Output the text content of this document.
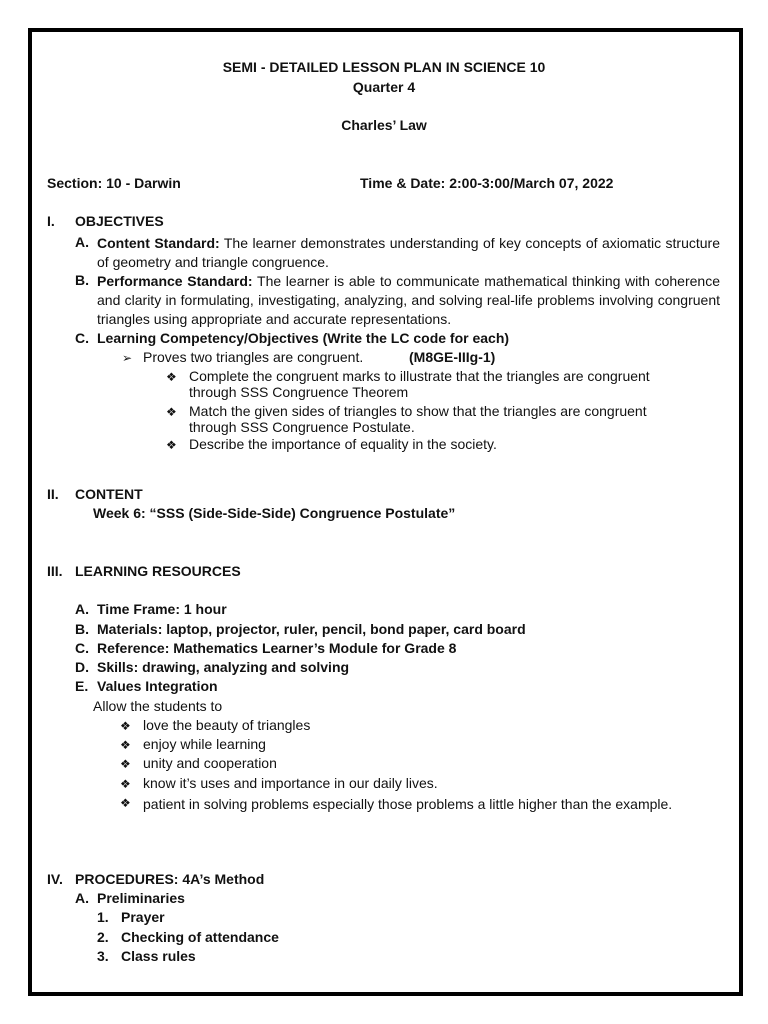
SEMI - DETAILED LESSON PLAN IN SCIENCE 10
Quarter 4
Charles’ Law
Section: 10 - Darwin	Time & Date: 2:00-3:00/March 07, 2022
I. OBJECTIVES
A. Content Standard: The learner demonstrates understanding of key concepts of axiomatic structure of geometry and triangle congruence.
B. Performance Standard: The learner is able to communicate mathematical thinking with coherence and clarity in formulating, investigating, analyzing, and solving real-life problems involving congruent triangles using appropriate and accurate representations.
C. Learning Competency/Objectives (Write the LC code for each)
➢ Proves two triangles are congruent.	(M8GE-IIIg-1)
❖ Complete the congruent marks to illustrate that the triangles are congruent
through SSS Congruence Theorem
❖ Match the given sides of triangles to show that the triangles are congruent
through SSS Congruence Postulate.
❖ Describe the importance of equality in the society.
II. CONTENT
Week 6: “SSS (Side-Side-Side) Congruence Postulate”
III. LEARNING RESOURCES
A. Time Frame: 1 hour
B. Materials: laptop, projector, ruler, pencil, bond paper, card board
C. Reference: Mathematics Learner’s Module for Grade 8
D. Skills: drawing, analyzing and solving
E. Values Integration
Allow the students to
❖ love the beauty of triangles
❖ enjoy while learning
❖ unity and cooperation
❖ know it’s uses and importance in our daily lives.
❖ patient in solving problems especially those problems a little higher than the example.
IV. PROCEDURES: 4A’s Method
A. Preliminaries
1. Prayer
2. Checking of attendance
3. Class rules
